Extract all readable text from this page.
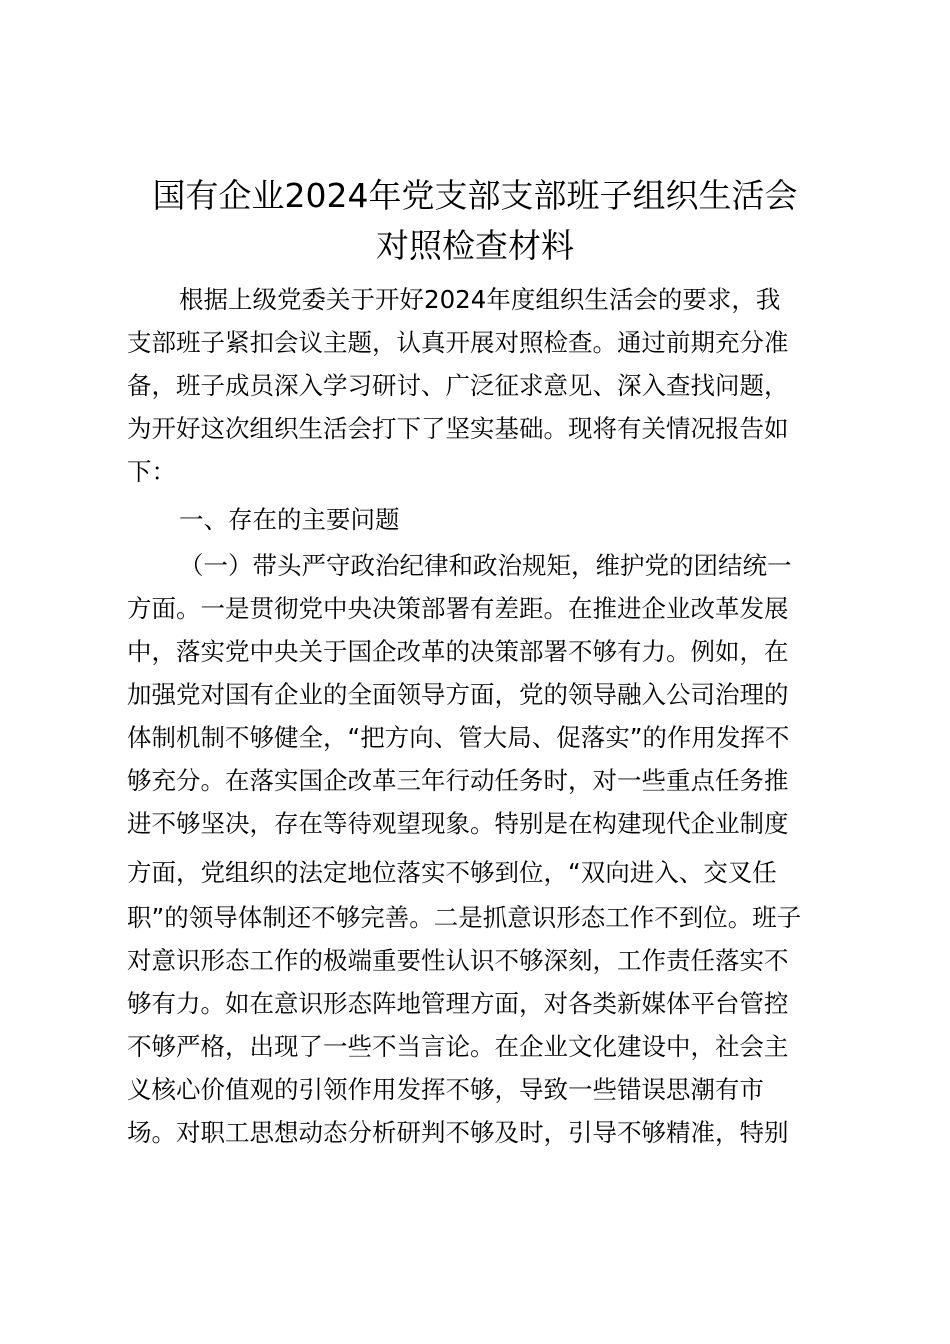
国有企业2024年党支部支部班子组织生活会
对照检查材料
根据上级党委关于开好2024年度组织生活会的要求，我
支部班子紧扣会议主题，认真开展对照检查。通过前期充分准
备，班子成员深入学习研讨、广泛征求意见、深入查找问题，
为开好这次组织生活会打下了坚实基础。现将有关情况报告如
下：
一、存在的主要问题
（一）带头严守政治纪律和政治规矩，维护党的团结统一
方面。一是贯彻党中央决策部署有差距。在推进企业改革发展
中，落实党中央关于国企改革的决策部署不够有力。例如，在
加强党对国有企业的全面领导方面，党的领导融入公司治理的
体制机制不够健全，“把方向、管大局、促落实”的作用发挥不
够充分。在落实国企改革三年行动任务时，对一些重点任务推
进不够坚决，存在等待观望现象。特别是在构建现代企业制度
方面，党组织的法定地位落实不够到位，“双向进入、交叉任
职”的领导体制还不够完善。二是抓意识形态工作不到位。班子
对意识形态工作的极端重要性认识不够深刻，工作责任落实不
够有力。如在意识形态阵地管理方面，对各类新媒体平台管控
不够严格，出现了一些不当言论。在企业文化建设中，社会主
义核心价值观的引领作用发挥不够，导致一些错误思潮有市
场。对职工思想动态分析研判不够及时，引导不够精准，特别
